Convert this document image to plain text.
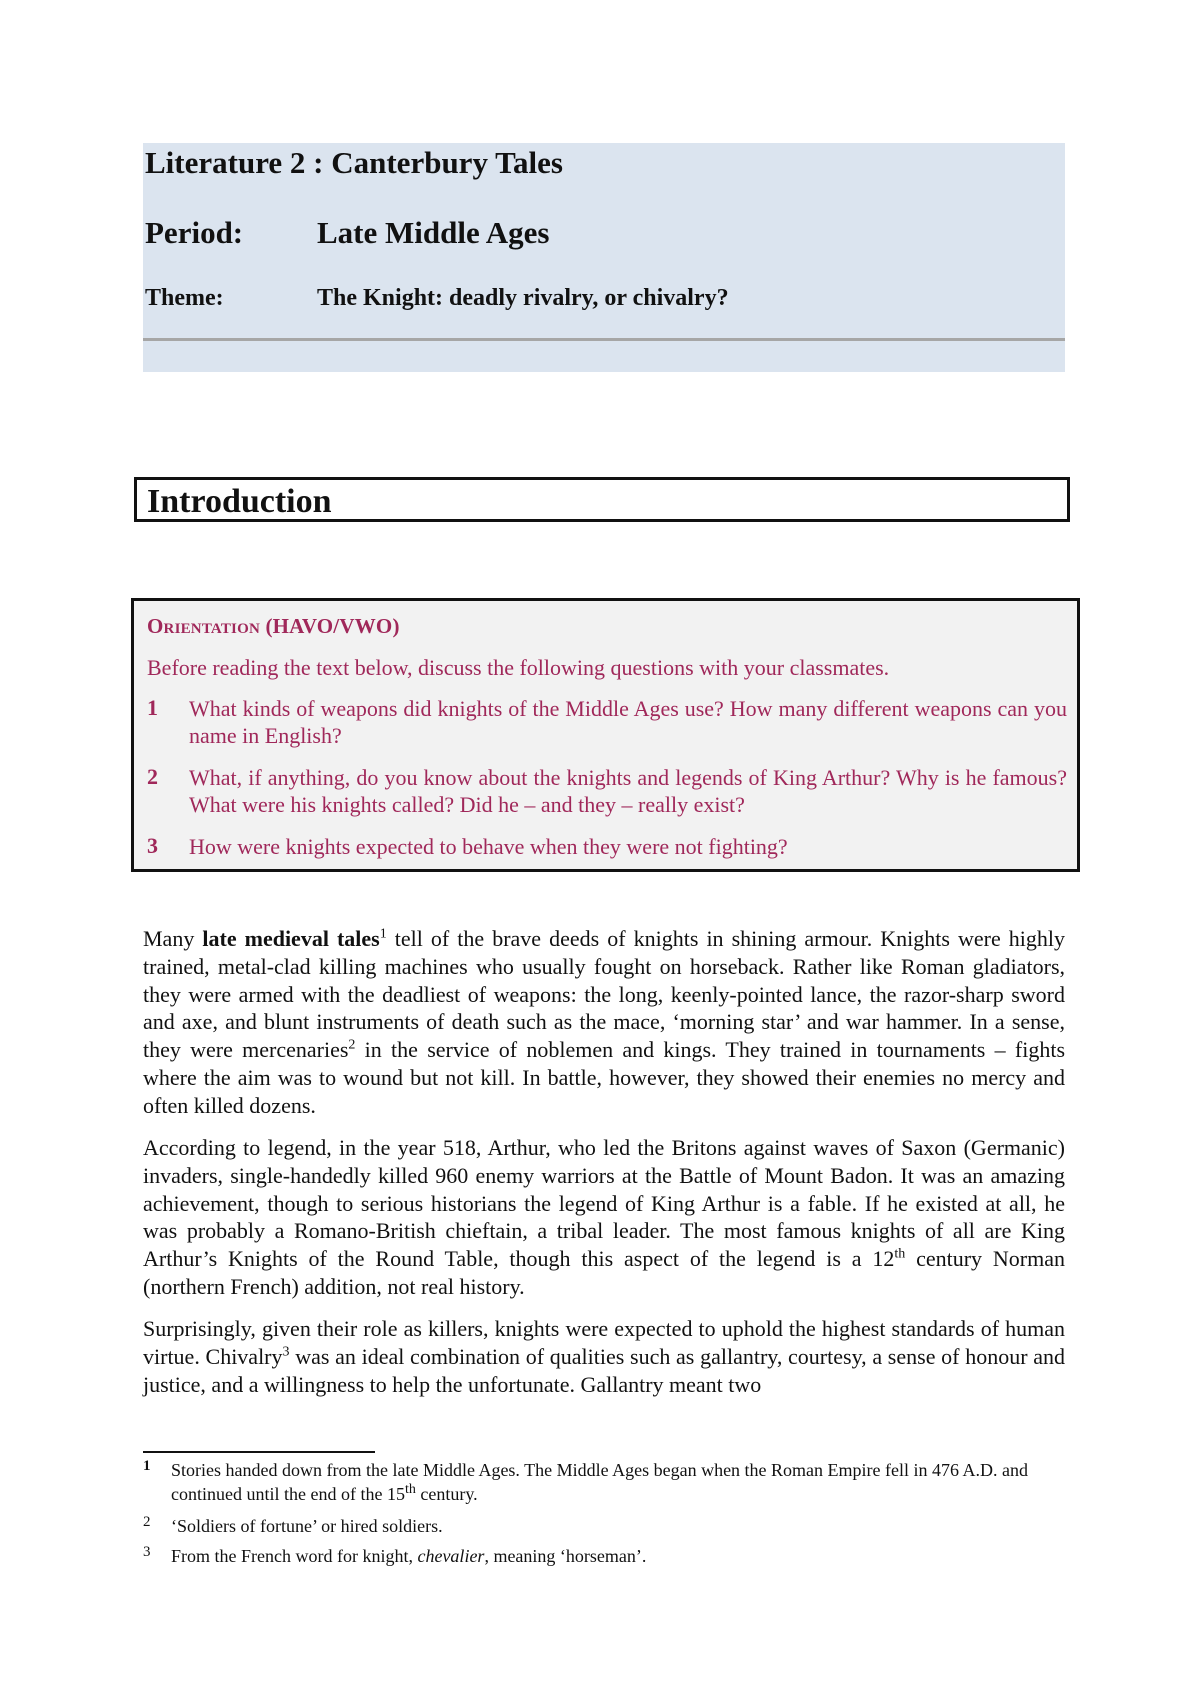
Literature 2 : Canterbury Tales
Period: Late Middle Ages
Theme:	The Knight: deadly rivalry, or chivalry?
Introduction
Orientation (HAVO/VWO)
Before reading the text below, discuss the following questions with your classmates.
1 What kinds of weapons did knights of the Middle Ages use? How many different weapons can you name in English?
2 What, if anything, do you know about the knights and legends of King Arthur? Why is he famous? What were his knights called? Did he – and they – really exist?
3 How were knights expected to behave when they were not fighting?

Many late medieval tales$^1$ tell of the brave deeds of knights in shining armour. Knights were highly trained, metal-clad killing machines who usually fought on horseback. Rather like Roman gladiators, they were armed with the deadliest of weapons: the long, keenly-pointed lance, the razor-sharp sword and axe, and blunt instruments of death such as the mace, ‘morning star’ and war hammer. In a sense, they were mercenaries$^2$ in the service of noblemen and kings. They trained in tournaments – fights where the aim was to wound but not kill. In battle, however, they showed their enemies no mercy and often killed dozens.

According to legend, in the year 518, Arthur, who led the Britons against waves of Saxon (Germanic) invaders, single-handedly killed 960 enemy warriors at the Battle of Mount Badon. It was an amazing achievement, though to serious historians the legend of King Arthur is a fable. If he existed at all, he was probably a Romano-British chieftain, a tribal leader. The most famous knights of all are King Arthur’s Knights of the Round Table, though this aspect of the legend is a 12th century Norman (northern French) addition, not real history.

Surprisingly, given their role as killers, knights were expected to uphold the highest standards of human virtue. Chivalry$^3$ was an ideal combination of qualities such as gallantry, courtesy, a sense of honour and justice, and a willingness to help the unfortunate. Gallantry meant two

1 Stories handed down from the late Middle Ages. The Middle Ages began when the Roman Empire fell in 476 A.D. and continued until the end of the 15th century.
2 ‘Soldiers of fortune’ or hired soldiers.
3 From the French word for knight, chevalier, meaning ‘horseman’.
